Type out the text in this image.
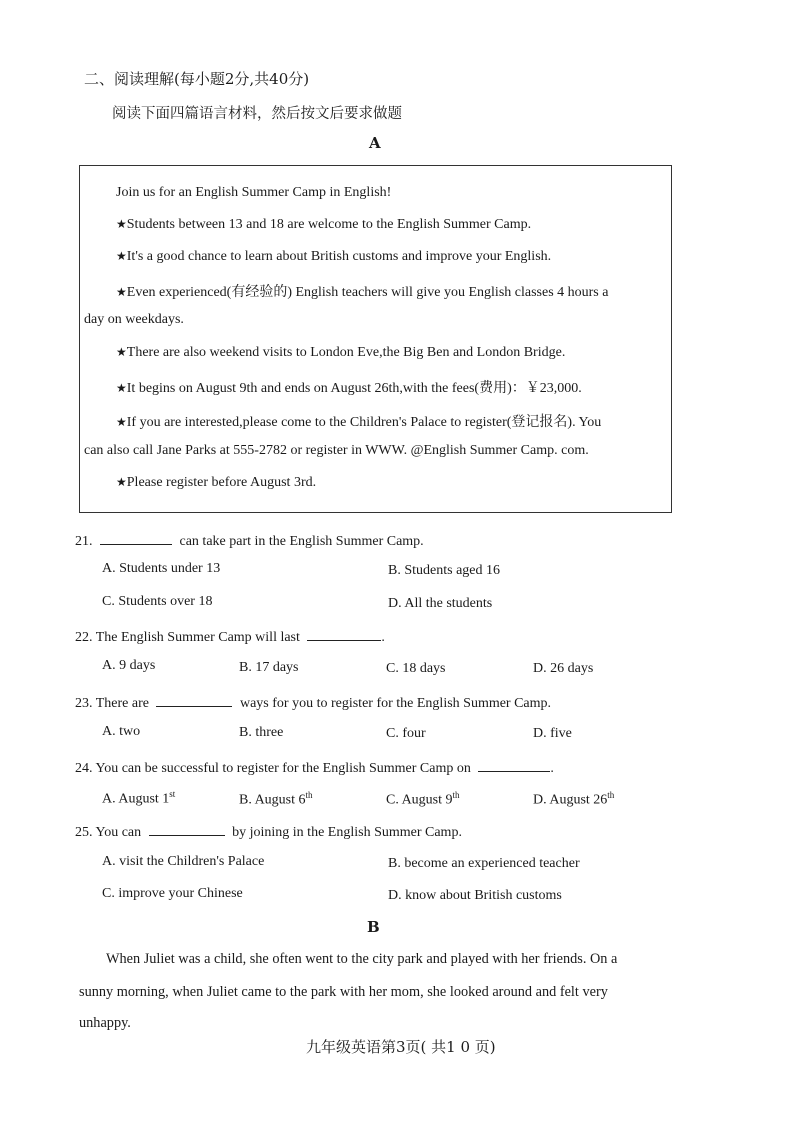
二、阅读理解(每小题2分,共40分)
阅读下面四篇语言材料，然后按文后要求做题
A
Join us for an English Summer Camp in English!
★Students between 13 and 18 are welcome to the English Summer Camp.
★It's a good chance to learn about British customs and improve your English.
★Even experienced(有经验的) English teachers will give you English classes 4 hours a
day on weekdays.
★There are also weekend visits to London Eve,the Big Ben and London Bridge.
★It begins on August 9th and ends on August 26th,with the fees(费用)：￥23,000.
★If you are interested,please come to the Children's Palace to register(登记报名). You
can also call Jane Parks at 555-2782 or register in WWW. @English Summer Camp. com.
★Please register before August 3rd.
21.	can take part in the English Summer Camp.
A. Students under 13	B. Students aged 16
C. Students over 18	D. All the students
22. The English Summer Camp will last	.
A. 9 days	B. 17 days	C. 18 days	D. 26 days
23. There are	ways for you to register for the English Summer Camp.
A. two	B. three	C. four	D. five
24. You can be successful to register for the English Summer Camp on	.
A. August 1st	B. August 6th	C. August 9th	D. August 26th
25. You can	by joining in the English Summer Camp.
A. visit the Children's Palace	B. become an experienced teacher
C. improve your Chinese	D. know about British customs
B
When Juliet was a child, she often went to the city park and played with her friends. On a
sunny morning, when Juliet came to the park with her mom, she looked around and felt very
unhappy.
九年级英语第3页( 共1 0 页)
